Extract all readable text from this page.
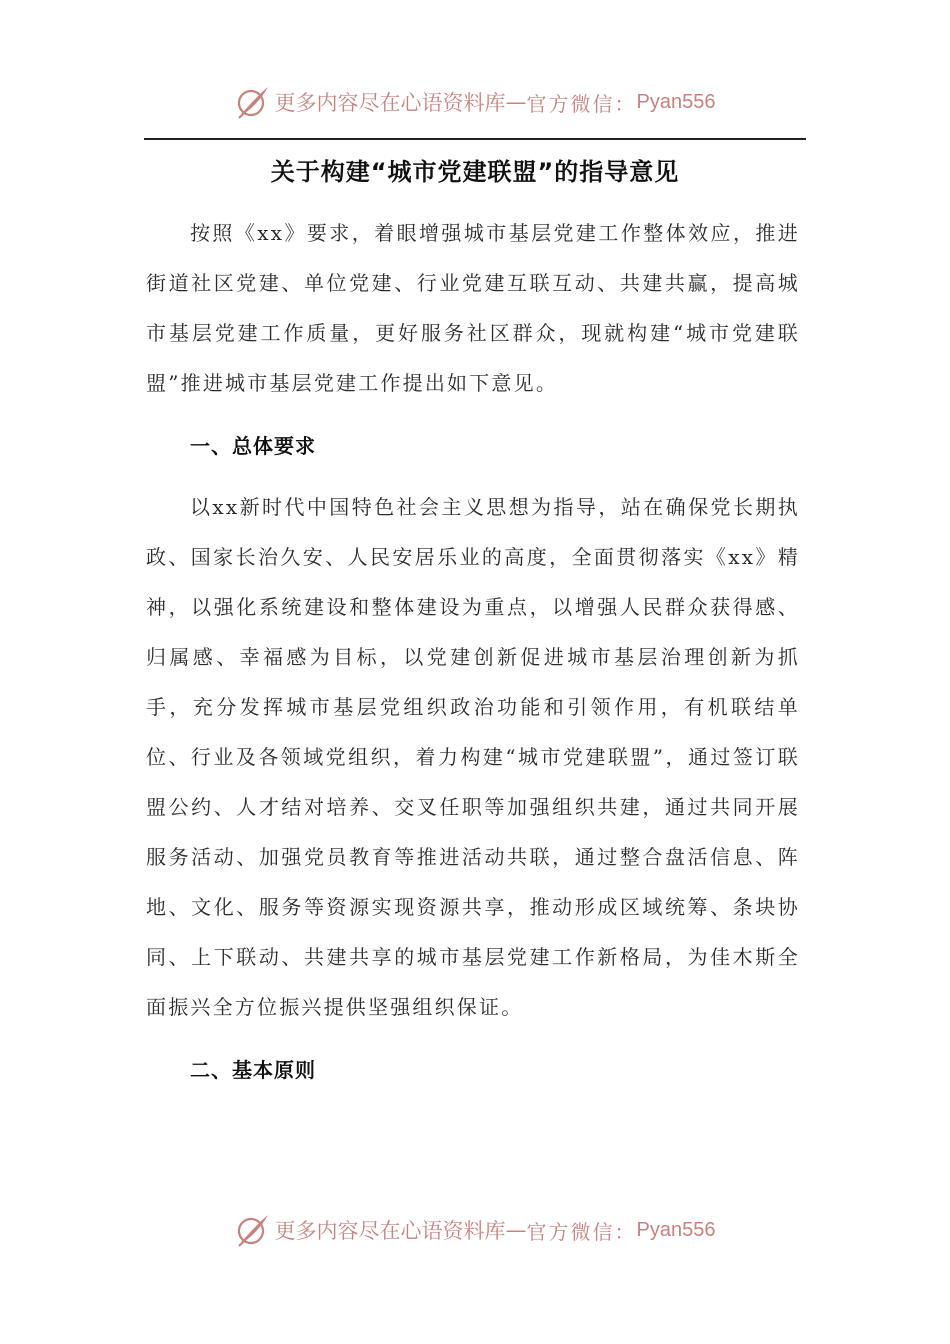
更多内容尽在心语资料库 — 官方微信： Pyan556
关于构建“城市党建联盟”的指导意见

按照《xx》要求，着眼增强城市基层党建工作整体效应，推进街道社区党建、单位党建、行业党建互联互动、共建共赢，提高城市基层党建工作质量，更好服务社区群众，现就构建“城市党建联盟”推进城市基层党建工作提出如下意见。

一、总体要求

以xx新时代中国特色社会主义思想为指导，站在确保党长期执政、国家长治久安、人民安居乐业的高度，全面贯彻落实《xx》精神，以强化系统建设和整体建设为重点，以增强人民群众获得感、归属感、幸福感为目标，以党建创新促进城市基层治理创新为抓手，充分发挥城市基层党组织政治功能和引领作用，有机联结单位、行业及各领域党组织，着力构建“城市党建联盟”，通过签订联盟公约、人才结对培养、交叉任职等加强组织共建，通过共同开展服务活动、加强党员教育等推进活动共联，通过整合盘活信息、阵地、文化、服务等资源实现资源共享，推动形成区域统筹、条块协同、上下联动、共建共享的城市基层党建工作新格局，为佳木斯全面振兴全方位振兴提供坚强组织保证。

二、基本原则
更多内容尽在心语资料库 — 官方微信： Pyan556
